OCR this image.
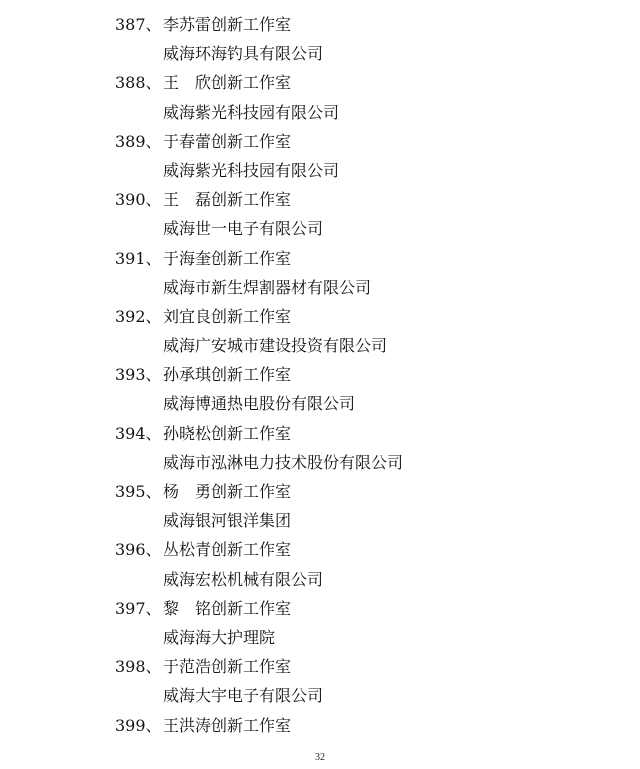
387、李苏雷创新工作室
威海环海钓具有限公司
388、王　欣创新工作室
威海紫光科技园有限公司
389、于春蕾创新工作室
威海紫光科技园有限公司
390、王　磊创新工作室
威海世一电子有限公司
391、于海奎创新工作室
威海市新生焊割器材有限公司
392、刘宜良创新工作室
威海广安城市建设投资有限公司
393、孙承琪创新工作室
威海博通热电股份有限公司
394、孙晓松创新工作室
威海市泓淋电力技术股份有限公司
395、杨　勇创新工作室
威海银河银洋集团
396、丛松青创新工作室
威海宏松机械有限公司
397、黎　铭创新工作室
威海海大护理院
398、于范浩创新工作室
威海大宇电子有限公司
399、王洪涛创新工作室
32
